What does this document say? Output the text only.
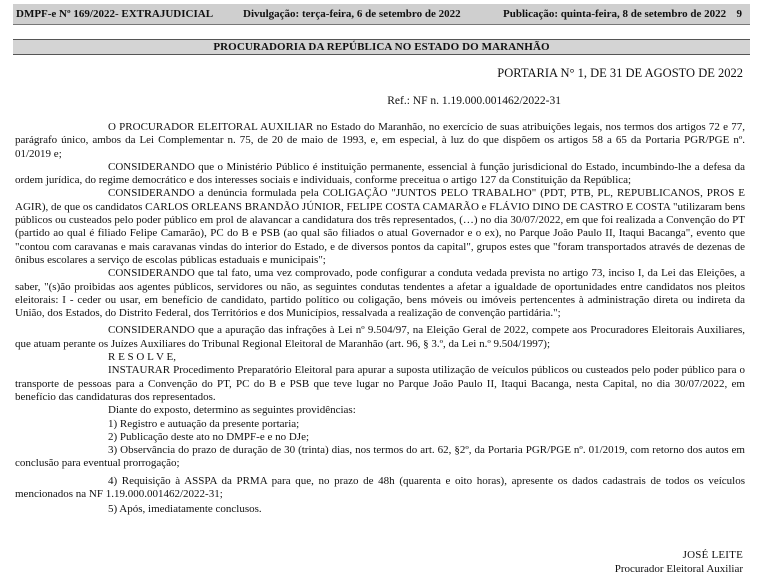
DMPF-e Nº 169/2022- EXTRAJUDICIAL	Divulgação: terça-feira, 6 de setembro de 2022	Publicação: quinta-feira, 8 de setembro de 2022 9
PROCURADORIA DA REPÚBLICA NO ESTADO DO MARANHÃO
PORTARIA N° 1, DE 31 DE AGOSTO DE 2022
Ref.: NF n. 1.19.000.001462/2022-31

O PROCURADOR ELEITORAL AUXILIAR no Estado do Maranhão, no exercício de suas atribuições legais, nos termos dos artigos 72 e 77, parágrafo único, ambos da Lei Complementar n. 75, de 20 de maio de 1993, e, em especial, à luz do que dispõem os artigos 58 a 65 da Portaria PGR/PGE nº. 01/2019 e;

CONSIDERANDO que o Ministério Público é instituição permanente, essencial à função jurisdicional do Estado, incumbindo-lhe a defesa da ordem jurídica, do regime democrático e dos interesses sociais e individuais, conforme preceitua o artigo 127 da Constituição da República;

CONSIDERANDO a denúncia formulada pela COLIGAÇÃO "JUNTOS PELO TRABALHO" (PDT, PTB, PL, REPUBLICANOS, PROS E AGIR), de que os candidatos CARLOS ORLEANS BRANDÃO JÚNIOR, FELIPE COSTA CAMARÃO e FLÁVIO DINO DE CASTRO E COSTA "utilizaram bens públicos ou custeados pelo poder público em prol de alavancar a candidatura dos três representados, (…) no dia 30/07/2022, em que foi realizada a Convenção do PT (partido ao qual é filiado Felipe Camarão), PC do B e PSB (ao qual são filiados o atual Governador e o ex), no Parque João Paulo II, Itaqui Bacanga", evento que "contou com caravanas e mais caravanas vindas do interior do Estado, e de diversos pontos da capital", grupos estes que "foram transportados através de dezenas de ônibus escolares a serviço de escolas públicas estaduais e municipais";

CONSIDERANDO que tal fato, uma vez comprovado, pode configurar a conduta vedada prevista no artigo 73, inciso I, da Lei das Eleições, a saber, "(s)ão proibidas aos agentes públicos, servidores ou não, as seguintes condutas tendentes a afetar a igualdade de oportunidades entre candidatos nos pleitos eleitorais: I - ceder ou usar, em benefício de candidato, partido político ou coligação, bens móveis ou imóveis pertencentes à administração direta ou indireta da União, dos Estados, do Distrito Federal, dos Territórios e dos Municípios, ressalvada a realização de convenção partidária.";

CONSIDERANDO que a apuração das infrações à Lei nº 9.504/97, na Eleição Geral de 2022, compete aos Procuradores Eleitorais Auxiliares, que atuam perante os Juízes Auxiliares do Tribunal Regional Eleitoral de Maranhão (art. 96, § 3.º, da Lei n.º 9.504/1997);

R E S O L V E,

INSTAURAR Procedimento Preparatório Eleitoral para apurar a suposta utilização de veículos públicos ou custeados pelo poder público para o transporte de pessoas para a Convenção do PT, PC do B e PSB que teve lugar no Parque João Paulo II, Itaqui Bacanga, nesta Capital, no dia 30/07/2022, em benefício das candidaturas dos representados.

Diante do exposto, determino as seguintes providências:

1) Registro e autuação da presente portaria;

2) Publicação deste ato no DMPF-e e no DJe;

3) Observância do prazo de duração de 30 (trinta) dias, nos termos do art. 62, §2º, da Portaria PGR/PGE nº. 01/2019, com retorno dos autos em conclusão para eventual prorrogação;

4) Requisição à ASSPA da PRMA para que, no prazo de 48h (quarenta e oito horas), apresente os dados cadastrais de todos os veículos mencionados na NF 1.19.000.001462/2022-31;

5) Após, imediatamente conclusos.

JOSÉ LEITE
Procurador Eleitoral Auxiliar
